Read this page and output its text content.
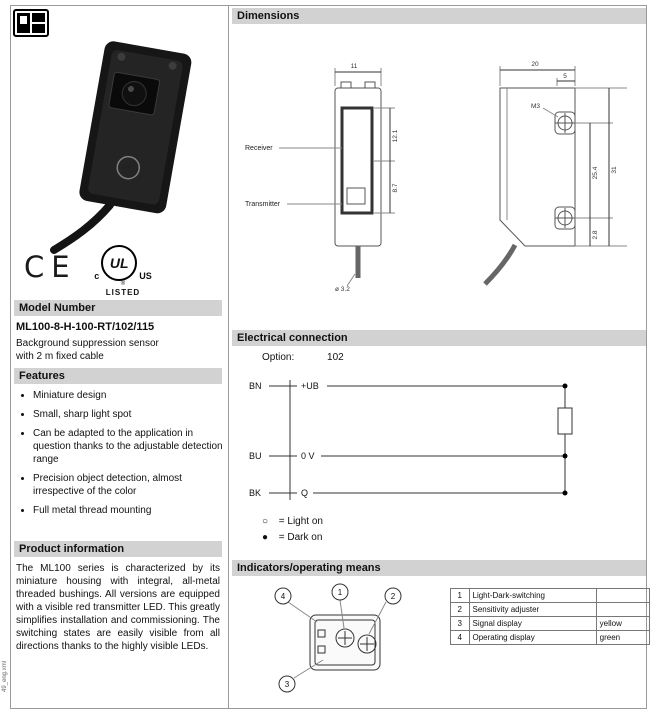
49_eng.xml
UL
CE c
UL
US
®
LISTED
Model Number
ML100-8-H-100-RT/102/115
Background suppression sensor
with 2 m fixed cable
Features
• Miniature design
• Small, sharp light spot
• Can be adapted to the application in question thanks to the adjustable detection range
• Precision object detection, almost irrespective of the color
• Full metal thread mounting
Product information
The ML100 series is characterized by its miniature housing with integral, all-metal threaded bushings. All versions are equipped with a visible red transmitter LED. This greatly simplifies installation and commissioning. The switching states are easily visible from all directions thanks to the highly visible LEDs.
Dimensions
11
12.1
8.7
Receiver
Transmitter
ø 3.2
20
5
M3
25.4 31
2.8
Electrical connection
Option:	102
BN	+UB
BU	0 V
BK	Q
○ = Light on
● = Dark on
Indicators/operating means
4	1	2
3
1	Light-Dark-switching	
2	Sensitivity adjuster	
3	Signal display	yellow
4	Operating display	green
